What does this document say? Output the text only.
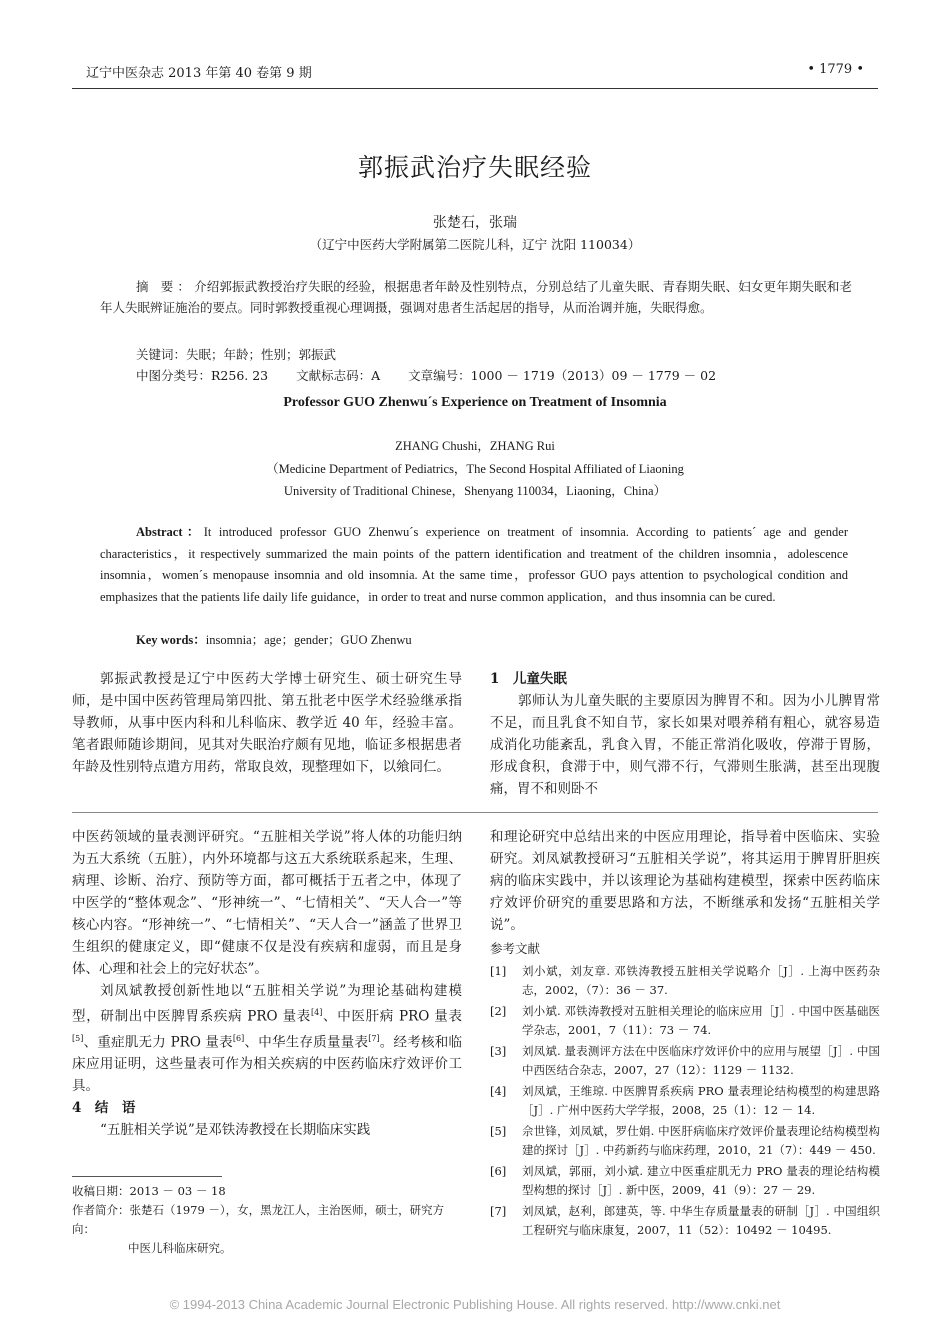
辽宁中医杂志 2013 年第 40 卷第 9 期	• 1779 •
郭振武治疗失眠经验
张楚石，张瑞
（辽宁中医药大学附属第二医院儿科，辽宁 沈阳 110034）
摘 要：介绍郭振武教授治疗失眠的经验，根据患者年龄及性别特点，分别总结了儿童失眠、青春期失眠、妇女更年期失眠和老年人失眠辨证施治的要点。同时郭教授重视心理调摄，强调对患者生活起居的指导，从而治调并施，失眠得愈。
关键词：失眠；年龄；性别；郭振武
中图分类号：R256. 23 文献标志码：A 文章编号：1000 － 1719（2013）09 － 1779 － 02
Professor GUO Zhenwu´s Experience on Treatment of Insomnia
ZHANG Chushi，ZHANG Rui
（Medicine Department of Pediatrics，The Second Hospital Affiliated of Liaoning
University of Traditional Chinese，Shenyang 110034，Liaoning，China）
Abstract：It introduced professor GUO Zhenwu´s experience on treatment of insomnia. According to patients´ age and gender characteristics，it respectively summarized the main points of the pattern identification and treatment of the children insomnia，adolescence insomnia，women´s menopause insomnia and old insomnia. At the same time，professor GUO pays attention to psychological condition and emphasizes that the patients life daily life guidance，in order to treat and nurse common application，and thus insomnia can be cured.
Key words：insomnia；age；gender；GUO Zhenwu

郭振武教授是辽宁中医药大学博士研究生、硕士研究生导师，是中国中医药管理局第四批、第五批老中医学术经验继承指导教师，从事中医内科和儿科临床、教学近 40 年，经验丰富。笔者跟师随诊期间，见其对失眠治疗颇有见地，临证多根据患者年龄及性别特点遣方用药，常取良效，现整理如下，以飨同仁。

1　儿童失眠

郭师认为儿童失眠的主要原因为脾胃不和。因为小儿脾胃常不足，而且乳食不知自节，家长如果对喂养稍有粗心，就容易造成消化功能紊乱，乳食入胃，不能正常消化吸收，停滞于胃肠，形成食积，食滞于中，则气滞不行，气滞则生胀满，甚至出现腹痛，胃不和则卧不

中医药领域的量表测评研究。“五脏相关学说”将人体的功能归纳为五大系统（五脏），内外环境都与这五大系统联系起来，生理、病理、诊断、治疗、预防等方面，都可概括于五者之中，体现了中医学的“整体观念”、“形神统一”、“七情相关”、“天人合一”等核心内容。“形神统一”、“七情相关”、“天人合一”涵盖了世界卫生组织的健康定义，即“健康不仅是没有疾病和虚弱，而且是身体、心理和社会上的完好状态”。

刘凤斌教授创新性地以“五脏相关学说”为理论基础构建模型，研制出中医脾胃系疾病 PRO 量表[4]、中医肝病 PRO 量表[5]、重症肌无力 PRO 量表[6]、中华生存质量量表[7]。经考核和临床应用证明，这些量表可作为相关疾病的中医药临床疗效评价工具。

4　结　语

“五脏相关学说”是邓铁涛教授在长期临床实践

和理论研究中总结出来的中医应用理论，指导着中医临床、实验研究。刘凤斌教授研习“五脏相关学说”，将其运用于脾胃肝胆疾病的临床实践中，并以该理论为基础构建模型，探索中医药临床疗效评价研究的重要思路和方法，不断继承和发扬“五脏相关学说”。

参考文献
[1]	刘小斌，刘友章. 邓铁涛教授五脏相关学说略介［J］. 上海中医药杂志，2002，（7）：36 － 37.
[2]	刘小斌. 邓铁涛教授对五脏相关理论的临床应用［J］. 中国中医基础医学杂志，2001，7（11）：73 － 74.
[3]	刘凤斌. 量表测评方法在中医临床疗效评价中的应用与展望［J］. 中国中西医结合杂志，2007，27（12）：1129 － 1132.
[4]	刘凤斌，王维琼. 中医脾胃系疾病 PRO 量表理论结构模型的构建思路［J］. 广州中医药大学学报，2008，25（1）：12 － 14.
[5]	佘世锋，刘凤斌，罗仕娟. 中医肝病临床疗效评价量表理论结构模型构建的探讨［J］. 中药新药与临床药理，2010，21（7）：449 － 450.
[6]	刘凤斌，郭丽，刘小斌. 建立中医重症肌无力 PRO 量表的理论结构模型构想的探讨［J］. 新中医，2009，41（9）：27 － 29.
[7]	刘凤斌，赵利，郎建英，等. 中华生存质量量表的研制［J］. 中国组织工程研究与临床康复，2007，11（52）：10492 － 10495.
收稿日期：2013 － 03 － 18
作者简介：张楚石（1979 －），女，黑龙江人，主治医师，硕士，研究方向：
中医儿科临床研究。
© 1994-2013 China Academic Journal Electronic Publishing House. All rights reserved. http://www.cnki.net
